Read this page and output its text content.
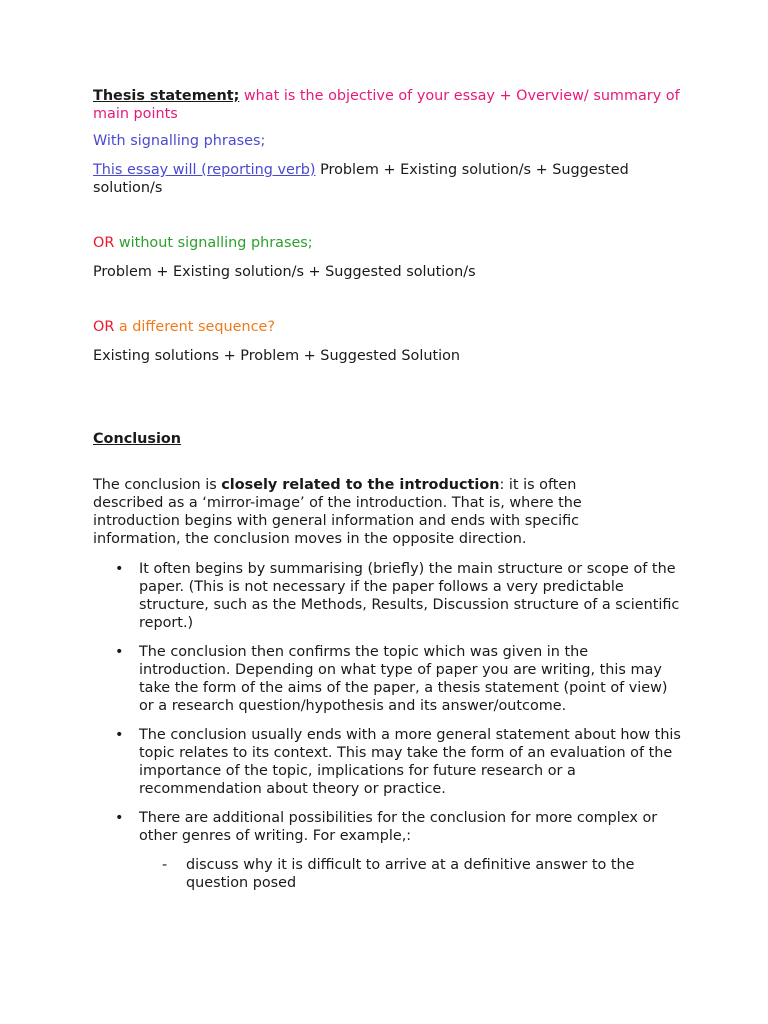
Thesis statement; what is the objective of your essay + Overview/ summary of main points

With signalling phrases;

This essay will (reporting verb) Problem + Existing solution/s + Suggested solution/s

OR without signalling phrases;

Problem + Existing solution/s + Suggested solution/s

OR a different sequence?

Existing solutions + Problem + Suggested Solution

Conclusion

The conclusion is closely related to the introduction: it is often described as a ‘mirror-image’ of the introduction. That is, where the introduction begins with general information and ends with specific information, the conclusion moves in the opposite direction.

• It often begins by summarising (briefly) the main structure or scope of the paper. (This is not necessary if the paper follows a very predictable structure, such as the Methods, Results, Discussion structure of a scientific report.)
• The conclusion then confirms the topic which was given in the introduction. Depending on what type of paper you are writing, this may take the form of the aims of the paper, a thesis statement (point of view) or a research question/hypothesis and its answer/outcome.
• The conclusion usually ends with a more general statement about how this topic relates to its context. This may take the form of an evaluation of the importance of the topic, implications for future research or a recommendation about theory or practice.
• There are additional possibilities for the conclusion for more complex or other genres of writing. For example,:
- discuss why it is difficult to arrive at a definitive answer to the question posed
